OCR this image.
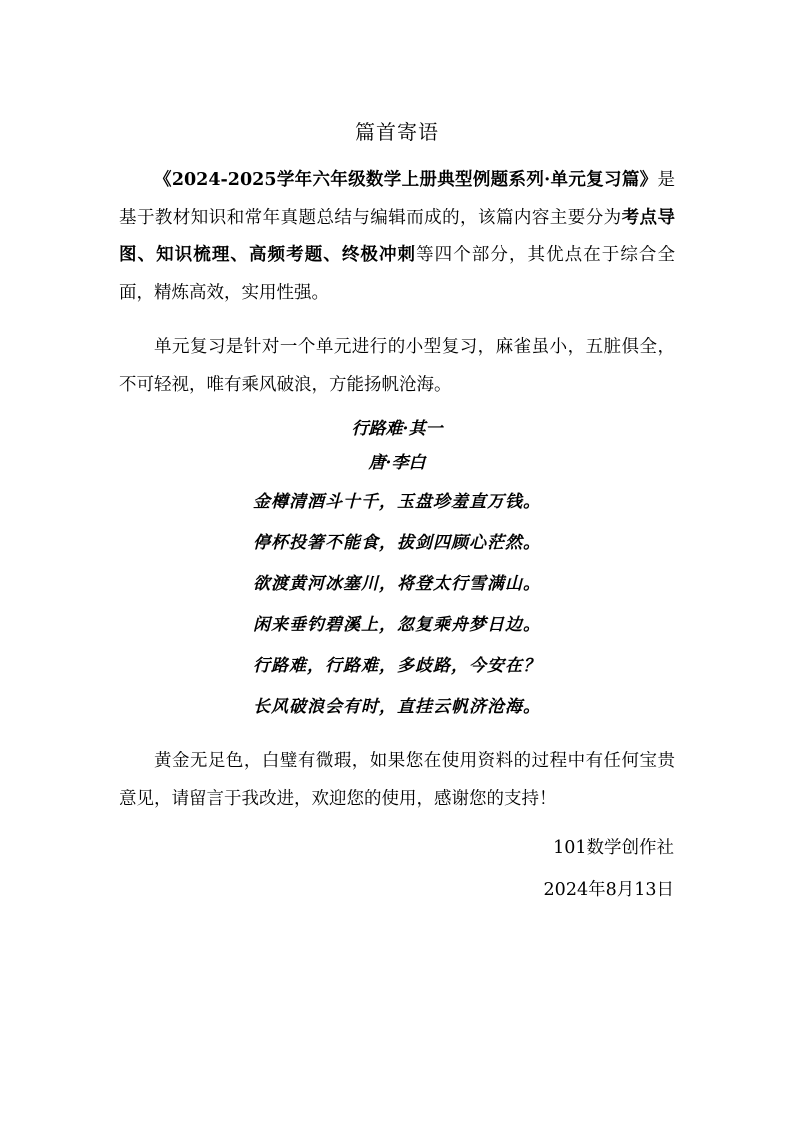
篇首寄语
《2024-2025学年六年级数学上册典型例题系列·单元复习篇》是基于教材知识和常年真题总结与编辑而成的，该篇内容主要分为考点导图、知识梳理、高频考题、终极冲刺等四个部分，其优点在于综合全面，精炼高效，实用性强。
单元复习是针对一个单元进行的小型复习，麻雀虽小，五脏俱全，不可轻视，唯有乘风破浪，方能扬帆沧海。
行路难·其一
唐·李白
金樽清酒斗十千，玉盘珍羞直万钱。
停杯投箸不能食，拔剑四顾心茫然。
欲渡黄河冰塞川，将登太行雪满山。
闲来垂钓碧溪上，忽复乘舟梦日边。
行路难，行路难，多歧路，今安在？
长风破浪会有时，直挂云帆济沧海。
黄金无足色，白璧有微瑕，如果您在使用资料的过程中有任何宝贵意见，请留言于我改进，欢迎您的使用，感谢您的支持！
101数学创作社
2024年8月13日
